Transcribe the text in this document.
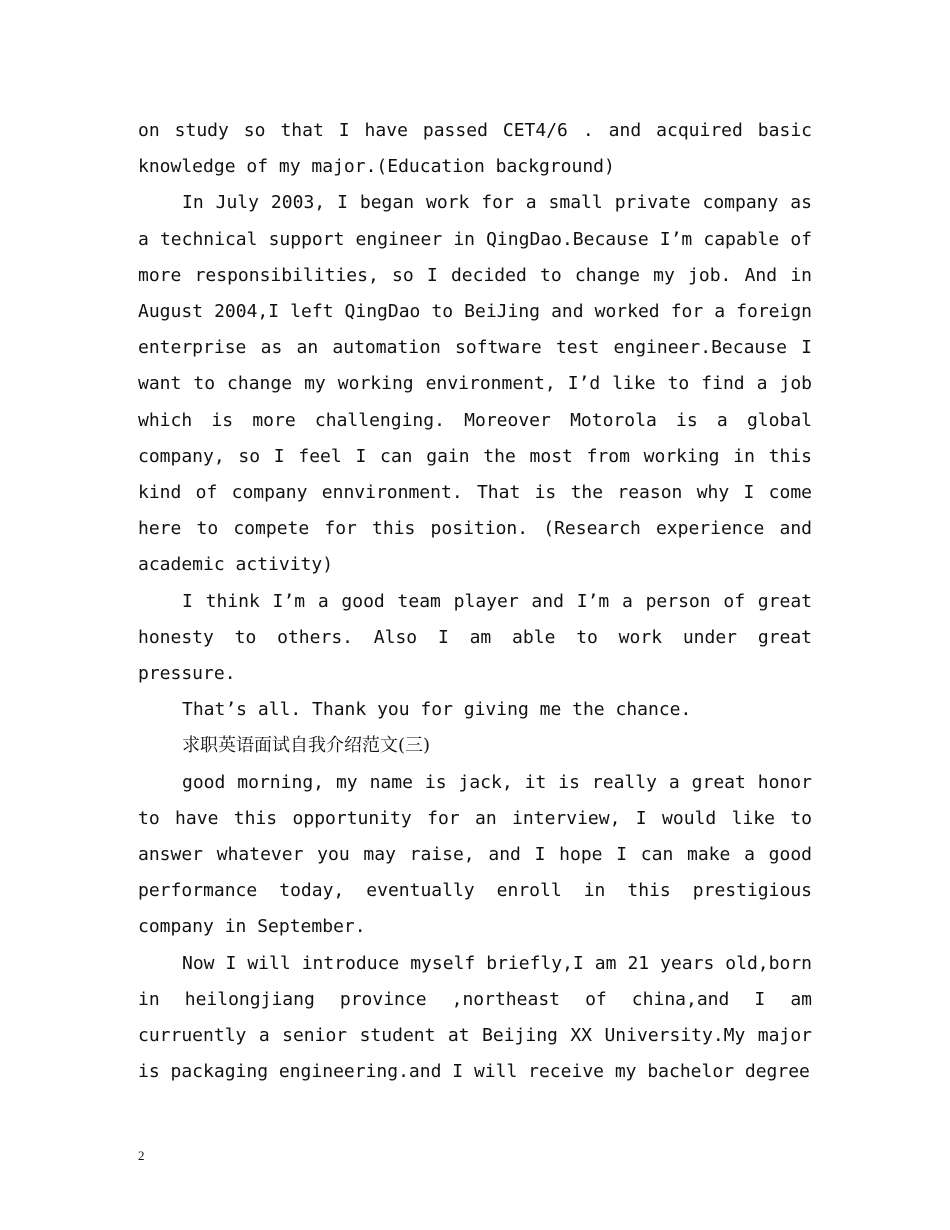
on study so that I have passed CET4/6 . and acquired basic knowledge of my major.(Education background)

In July 2003, I began work for a small private company as a technical support engineer in QingDao.Because I’m capable of more responsibilities, so I decided to change my job. And in August 2004,I left QingDao to BeiJing and worked for a foreign enterprise as an automation software test engineer.Because I want to change my working environment, I’d like to find a job which is more challenging. Moreover Motorola is a global company, so I feel I can gain the most from working in this kind of company ennvironment. That is the reason why I come here to compete for this position. (Research experience and academic activity)

I think I’m a good team player and I’m a person of great honesty to others. Also I am able to work under great pressure.

That’s all. Thank you for giving me the chance.

求职英语面试自我介绍范文(三)

good morning, my name is jack, it is really a great honor to have this opportunity for an interview, I would like to answer whatever you may raise, and I hope I can make a good performance today, eventually enroll in this prestigious company in September.

Now I will introduce myself briefly,I am 21 years old,born in heilongjiang province ,northeast of china,and I am curruently a senior student at Beijing XX University.My major is packaging engineering.and I will receive my bachelor degree

2
